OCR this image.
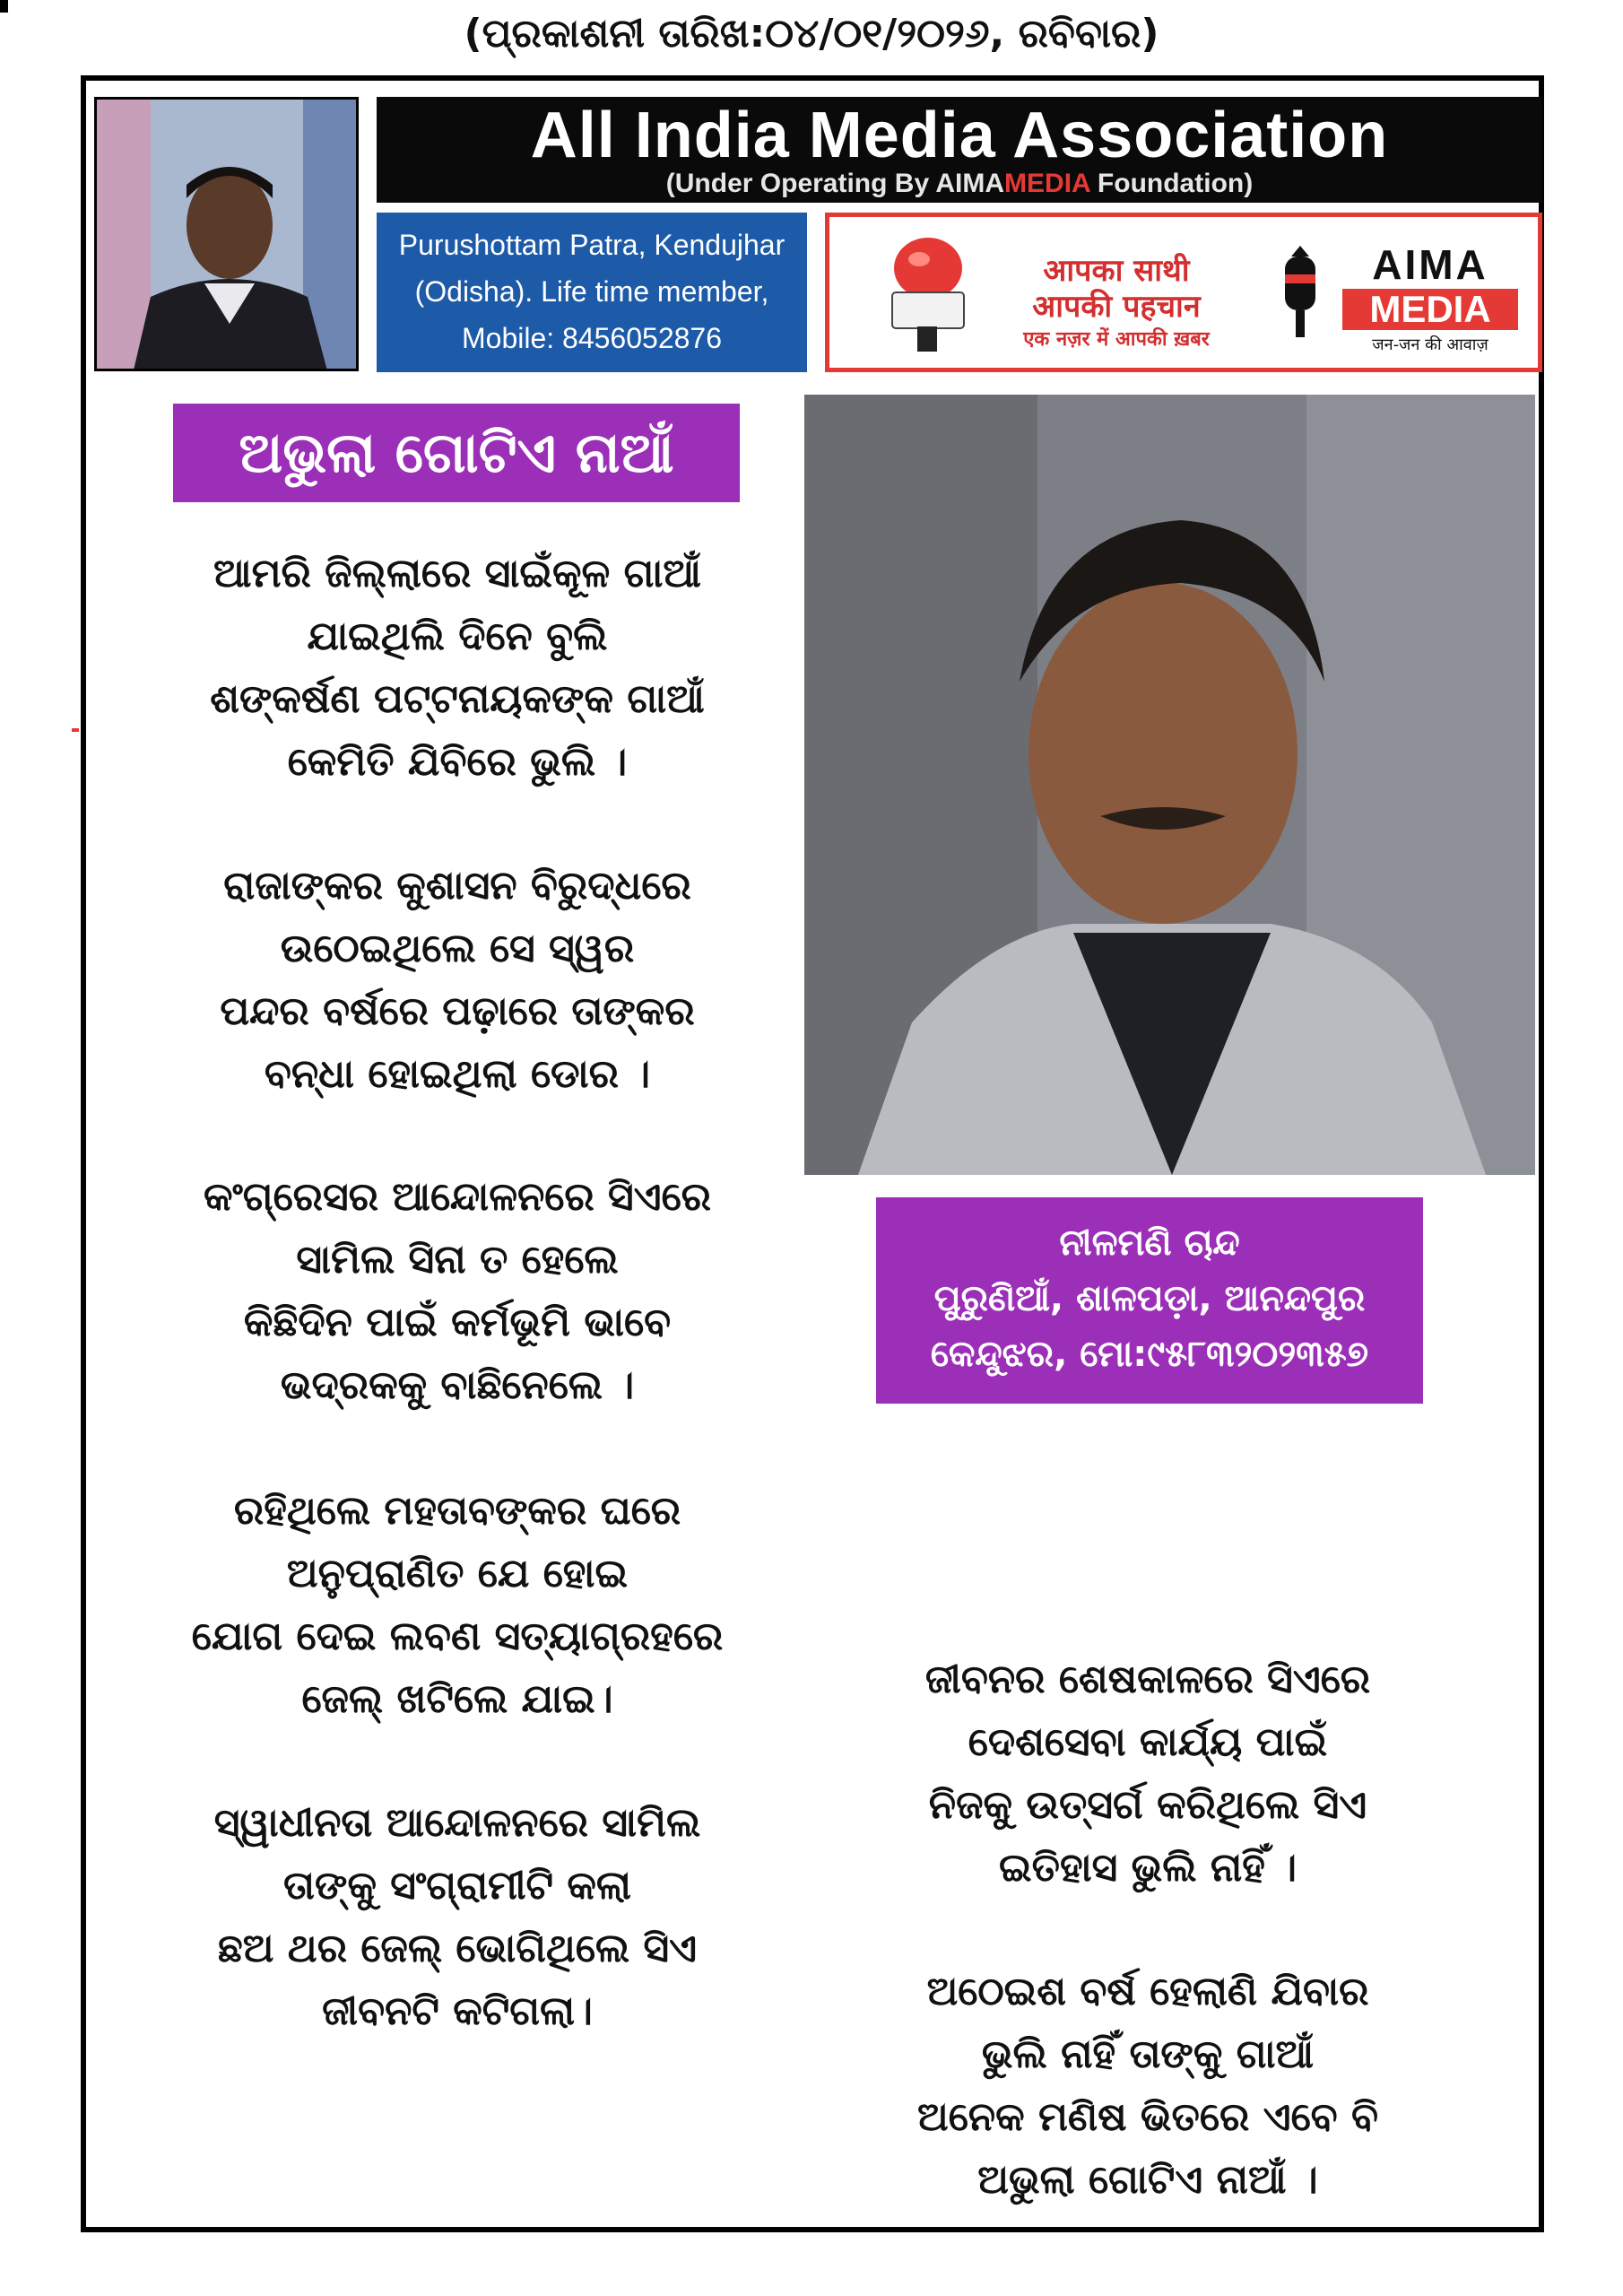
(ପ୍ରକାଶନୀ ତାରିଖ:୦୪/୦୧/୨୦୨୬, ରବିବାର)
All India Media Association
(Under Operating By AIMAMEDIA Foundation)
Purushottam Patra, Kendujhar
(Odisha). Life time member,
Mobile: 8456052876
आपका साथी
आपकी पहचान
एक नज़र में आपकी ख़बर
AIMA
MEDIA
जन-जन की आवाज़
ଅଭୁଲା ଗୋଟିଏ ନାଆଁ
ନୀଳମଣି ଚାନ୍ଦ
ପୁରୁଣିଆଁ, ଶାଳପଡ଼ା, ଆନନ୍ଦପୁର
କେନ୍ଦୁଝର, ମୋ:୯୫୮୩୨୦୨୩୫୭
ଆମରି ଜିଲ୍ଲାରେ ସାଇଁକୂଳ ଗାଆଁ
ଯାଇଥିଲି ଦିନେ ବୁଲି
ଶଙ୍କର୍ଷଣ ପଟ୍ଟନାୟକଙ୍କ ଗାଆଁ
କେମିତି ଯିବିରେ ଭୁଲି ।
ରାଜାଙ୍କର କୁଶାସନ ବିରୁଦ୍ଧରେ
ଉଠେଇଥିଲେ ସେ ସ୍ୱର
ପନ୍ଦର ବର୍ଷରେ ପଢ଼ାରେ ତାଙ୍କର
ବନ୍ଧା ହୋଇଥିଲା ଡୋର ।
କଂଗ୍ରେସର ଆନ୍ଦୋଳନରେ ସିଏରେ
ସାମିଲ ସିନା ତ ହେଲେ
କିଛିଦିନ ପାଇଁ କର୍ମଭୂମି ଭାବେ
ଭଦ୍ରକକୁ ବାଛିନେଲେ ।
ରହିଥିଲେ ମହତାବଙ୍କର ଘରେ
ଅନୁପ୍ରାଣିତ ଯେ ହୋଇ
ଯୋଗ ଦେଇ ଲବଣ ସତ୍ୟାଗ୍ରହରେ
ଜେଲ୍ ଖଟିଲେ ଯାଇ।
ସ୍ୱାଧୀନତା ଆନ୍ଦୋଳନରେ ସାମିଲ
ତାଙ୍କୁ ସଂଗ୍ରାମୀଟି କଲା
ଛଅ ଥର ଜେଲ୍ ଭୋଗିଥିଲେ ସିଏ
ଜୀବନଟି କଟିଗଲା।
ଜୀବନର ଶେଷକାଳରେ ସିଏରେ
ଦେଶସେବା କାର୍ଯ୍ୟ ପାଇଁ
ନିଜକୁ ଉତ୍ସର୍ଗ କରିଥିଲେ ସିଏ
ଇତିହାସ ଭୁଲି ନାହିଁ ।
ଅଠେଇଶ ବର୍ଷ ହେଲାଣି ଯିବାର
ଭୁଲି ନାହିଁ ତାଙ୍କୁ ଗାଆଁ
ଅନେକ ମଣିଷ ଭିତରେ ଏବେ ବି
ଅଭୁଲା ଗୋଟିଏ ନାଆଁ ।
